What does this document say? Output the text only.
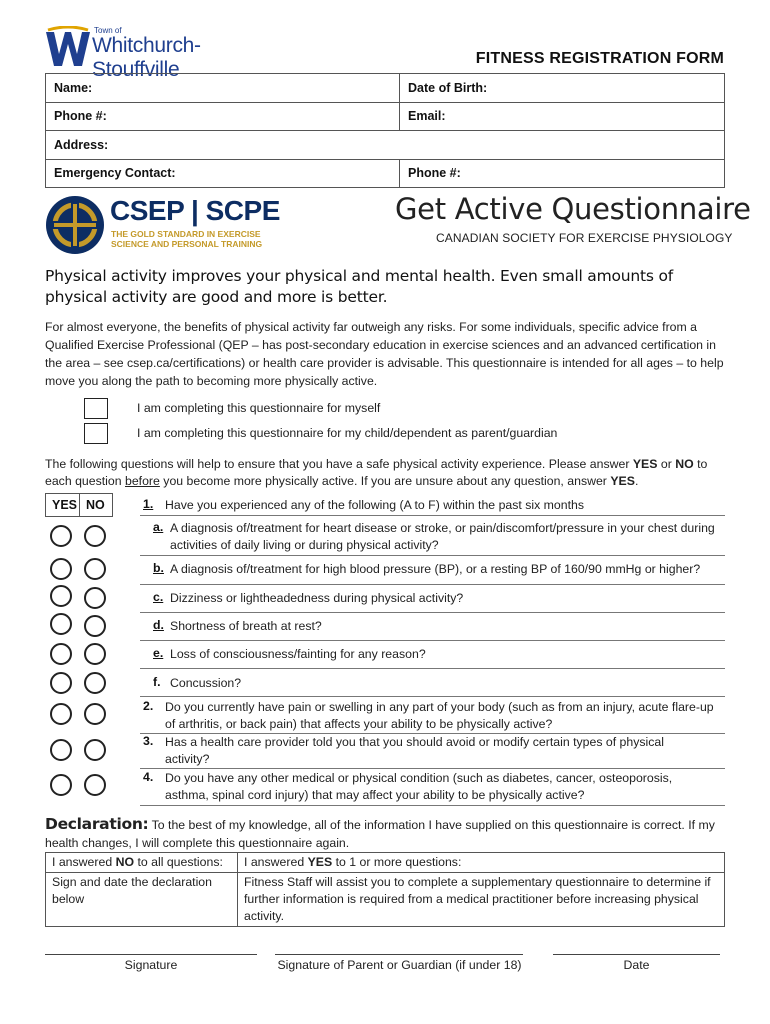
Town of
Whitchurch-Stouffville	FITNESS REGISTRATION FORM
Name:	Date of Birth:
Phone #:	Email:
Address:	
Emergency Contact:	Phone #:
CSEP | SCPE
THE GOLD STANDARD IN EXERCISE
SCIENCE AND PERSONAL TRAINING
Get Active Questionnaire
CANADIAN SOCIETY FOR EXERCISE PHYSIOLOGY
Physical activity improves your physical and mental health. Even small amounts of physical activity are good and more is better.
For almost everyone, the benefits of physical activity far outweigh any risks. For some individuals, specific advice from a Qualified Exercise Professional (QEP – has post-secondary education in exercise sciences and an advanced certification in the area – see csep.ca/certifications) or health care provider is advisable. This questionnaire is intended for all ages – to help move you along the path to becoming more physically active.
I am completing this questionnaire for myself
I am completing this questionnaire for my child/dependent as parent/guardian
The following questions will help to ensure that you have a safe physical activity experience. Please answer YES or NO to each question before you become more physically active. If you are unsure about any question, answer YES.
YES NO	1. Have you experienced any of the following (A to F) within the past six months
a. A diagnosis of/treatment for heart disease or stroke, or pain/discomfort/pressure in your chest during activities of daily living or during physical activity?
b. A diagnosis of/treatment for high blood pressure (BP), or a resting BP of 160/90 mmHg or higher?
c. Dizziness or lightheadedness during physical activity?
d. Shortness of breath at rest?
e. Loss of consciousness/fainting for any reason?
f. Concussion?
2. Do you currently have pain or swelling in any part of your body (such as from an injury, acute flare-up of arthritis, or back pain) that affects your ability to be physically active?
3. Has a health care provider told you that you should avoid or modify certain types of physical activity?
4. Do you have any other medical or physical condition (such as diabetes, cancer, osteoporosis, asthma, spinal cord injury) that may affect your ability to be physically active?
Declaration: To the best of my knowledge, all of the information I have supplied on this questionnaire is correct. If my health changes, I will complete this questionnaire again.
I answered NO to all questions:	I answered YES to 1 or more questions:
Sign and date the declaration below	Fitness Staff will assist you to complete a supplementary questionnaire to determine if further information is required from a medical practitioner before increasing physical activity.
Signature	Signature of Parent or Guardian (if under 18)	Date
